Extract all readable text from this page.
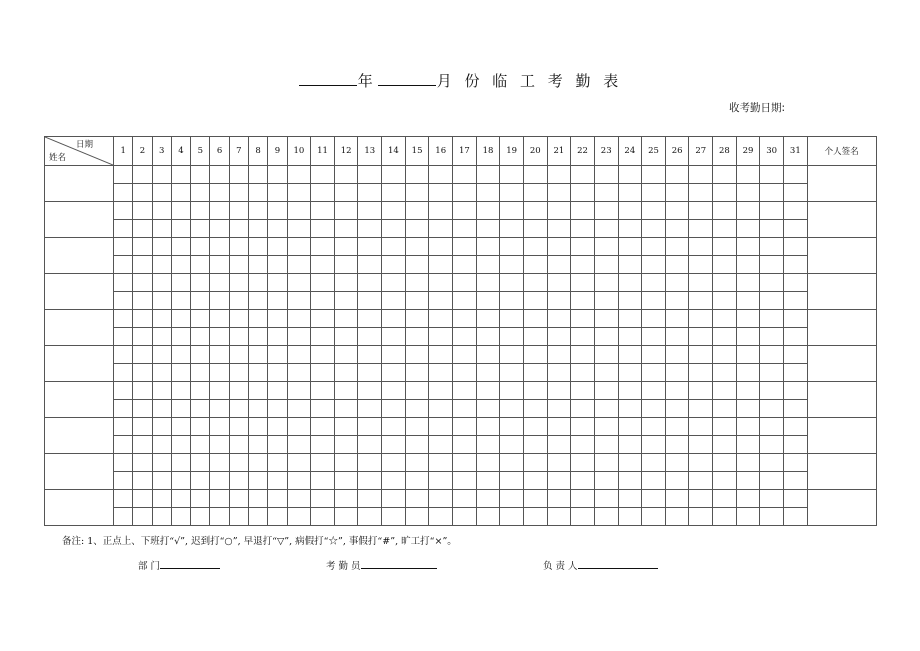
年	月 份 临 工 考 勤 表
收考勤日期:
日期
姓名	1	2	3	4	5	6	7	8	9	10	11	12	13	14	15	16	17	18	19	20	21	22	23	24	25	26	27	28	29	30	31	个人签名

备注: 1、正点上、下班打“√”, 迟到打“○”, 早退打“▽”, 病假打“☆”, 事假打“#”, 旷工打“×”。
部 门	考 勤 员	负 责 人
